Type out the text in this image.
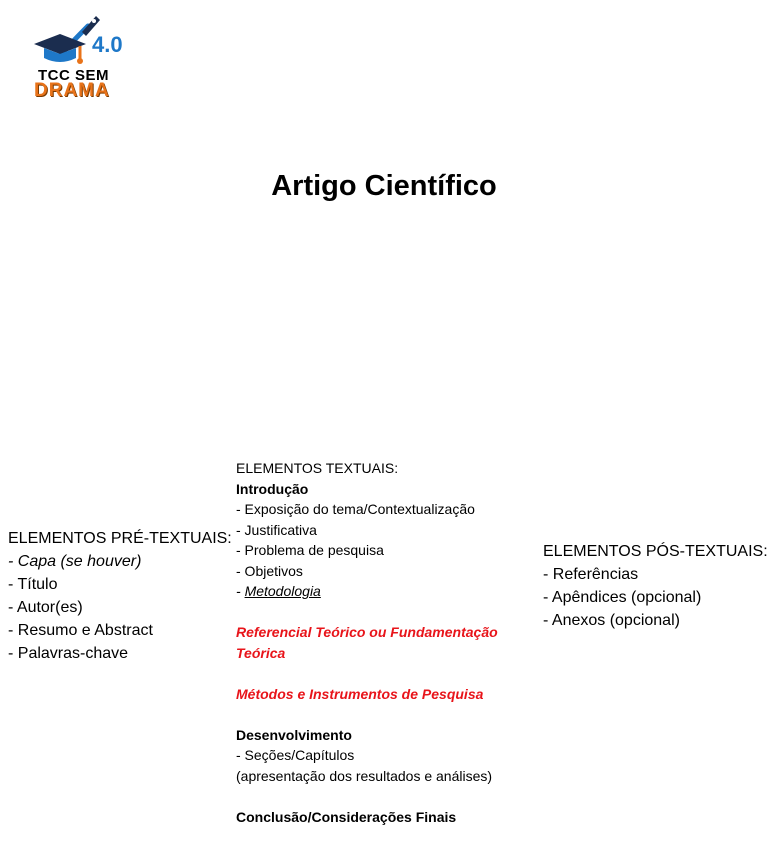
4.0
TCC SEM
DRAMA
Artigo Científico
ELEMENTOS PRÉ-TEXTUAIS:
- Capa (se houver)
- Título
- Autor(es)
- Resumo e Abstract
- Palavras-chave
ELEMENTOS TEXTUAIS:
Introdução
- Exposição do tema/Contextualização
- Justificativa
- Problema de pesquisa
- Objetivos
- Metodologia
Referencial Teórico ou Fundamentação
Teórica
Métodos e Instrumentos de Pesquisa
Desenvolvimento
- Seções/Capítulos
(apresentação dos resultados e análises)
Conclusão/Considerações Finais
ELEMENTOS PÓS-TEXTUAIS:
- Referências
- Apêndices (opcional)
- Anexos (opcional)
